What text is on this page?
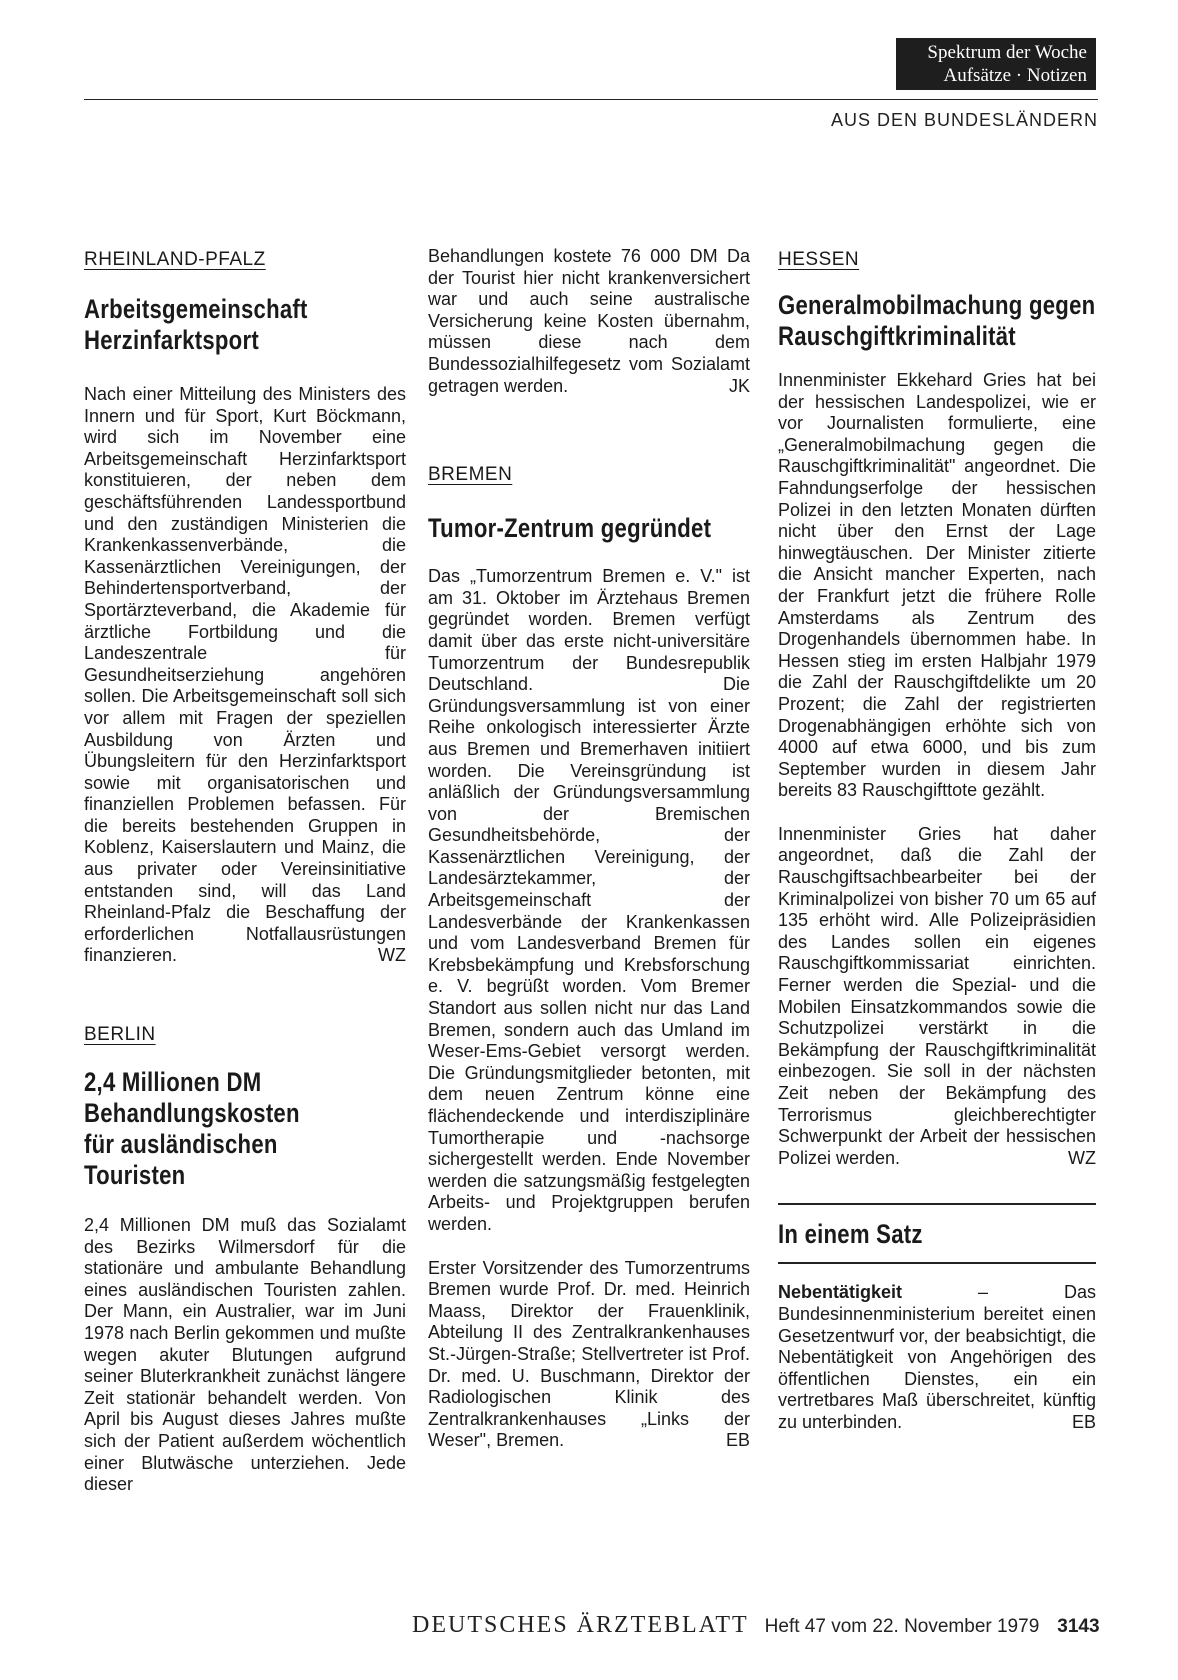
Spektrum der Woche
Aufsätze · Notizen
AUS DEN BUNDESLÄNDERN
RHEINLAND-PFALZ
Arbeitsgemeinschaft Herzinfarktsport

Nach einer Mitteilung des Ministers des Innern und für Sport, Kurt Böckmann, wird sich im November eine Arbeitsgemeinschaft Herzinfarktsport konstituieren, der neben dem geschäftsführenden Landessportbund und den zuständigen Ministerien die Krankenkassenverbände, die Kassenärztlichen Vereinigungen, der Behindertensportverband, der Sportärzteverband, die Akademie für ärztliche Fortbildung und die Landeszentrale für Gesundheitserziehung angehören sollen. Die Arbeitsgemeinschaft soll sich vor allem mit Fragen der speziellen Ausbildung von Ärzten und Übungsleitern für den Herzinfarktsport sowie mit organisatorischen und finanziellen Problemen befassen. Für die bereits bestehenden Gruppen in Koblenz, Kaiserslautern und Mainz, die aus privater oder Vereinsinitiative entstanden sind, will das Land Rheinland-Pfalz die Beschaffung der erforderlichen Notfallausrüstungen finanzieren.	WZ

BERLIN
2,4 Millionen DM Behandlungskosten für ausländischen Touristen

2,4 Millionen DM muß das Sozialamt des Bezirks Wilmersdorf für die stationäre und ambulante Behandlung eines ausländischen Touristen zahlen. Der Mann, ein Australier, war im Juni 1978 nach Berlin gekommen und mußte wegen akuter Blutungen aufgrund seiner Bluterkrankheit zunächst längere Zeit stationär behandelt werden. Von April bis August dieses Jahres mußte sich der Patient außerdem wöchentlich einer Blutwäsche unterziehen. Jede dieser

Behandlungen kostete 76 000 DM Da der Tourist hier nicht krankenversichert war und auch seine australische Versicherung keine Kosten übernahm, müssen diese nach dem Bundessozialhilfegesetz vom Sozialamt getragen werden.	JK

BREMEN
Tumor-Zentrum gegründet

Das „Tumorzentrum Bremen e. V." ist am 31. Oktober im Ärztehaus Bremen gegründet worden. Bremen verfügt damit über das erste nicht-universitäre Tumorzentrum der Bundesrepublik Deutschland. Die Gründungsversammlung ist von einer Reihe onkologisch interessierter Ärzte aus Bremen und Bremerhaven initiiert worden. Die Vereinsgründung ist anläßlich der Gründungsversammlung von der Bremischen Gesundheitsbehörde, der Kassenärztlichen Vereinigung, der Landesärztekammer, der Arbeitsgemeinschaft der Landesverbände der Krankenkassen und vom Landesverband Bremen für Krebsbekämpfung und Krebsforschung e. V. begrüßt worden. Vom Bremer Standort aus sollen nicht nur das Land Bremen, sondern auch das Umland im Weser-Ems-Gebiet versorgt werden. Die Gründungsmitglieder betonten, mit dem neuen Zentrum könne eine flächendeckende und interdisziplinäre Tumortherapie und -nachsorge sichergestellt werden. Ende November werden die satzungsmäßig festgelegten Arbeits- und Projektgruppen berufen werden.

Erster Vorsitzender des Tumorzentrums Bremen wurde Prof. Dr. med. Heinrich Maass, Direktor der Frauenklinik, Abteilung II des Zentralkrankenhauses St.-Jürgen-Straße; Stellvertreter ist Prof. Dr. med. U. Buschmann, Direktor der Radiologischen Klinik des Zentralkrankenhauses „Links der Weser", Bremen.	EB

HESSEN
Generalmobilmachung gegen Rauschgiftkriminalität

Innenminister Ekkehard Gries hat bei der hessischen Landespolizei, wie er vor Journalisten formulierte, eine „Generalmobilmachung gegen die Rauschgiftkriminalität" angeordnet. Die Fahndungserfolge der hessischen Polizei in den letzten Monaten dürften nicht über den Ernst der Lage hinwegtäuschen. Der Minister zitierte die Ansicht mancher Experten, nach der Frankfurt jetzt die frühere Rolle Amsterdams als Zentrum des Drogenhandels übernommen habe. In Hessen stieg im ersten Halbjahr 1979 die Zahl der Rauschgiftdelikte um 20 Prozent; die Zahl der registrierten Drogenabhängigen erhöhte sich von 4000 auf etwa 6000, und bis zum September wurden in diesem Jahr bereits 83 Rauschgifttote gezählt.

Innenminister Gries hat daher angeordnet, daß die Zahl der Rauschgiftsachbearbeiter bei der Kriminalpolizei von bisher 70 um 65 auf 135 erhöht wird. Alle Polizeipräsidien des Landes sollen ein eigenes Rauschgiftkommissariat einrichten. Ferner werden die Spezial- und die Mobilen Einsatzkommandos sowie die Schutzpolizei verstärkt in die Bekämpfung der Rauschgiftkriminalität einbezogen. Sie soll in der nächsten Zeit neben der Bekämpfung des Terrorismus gleichberechtigter Schwerpunkt der Arbeit der hessischen Polizei werden.	WZ

In einem Satz

Nebentätigkeit – Das Bundesinnenministerium bereitet einen Gesetzentwurf vor, der beabsichtigt, die Nebentätigkeit von Angehörigen des öffentlichen Dienstes, ein ein vertretbares Maß überschreitet, künftig zu unterbinden.	EB

DEUTSCHES ÄRZTEBLATT Heft 47 vom 22. November 1979 3143
